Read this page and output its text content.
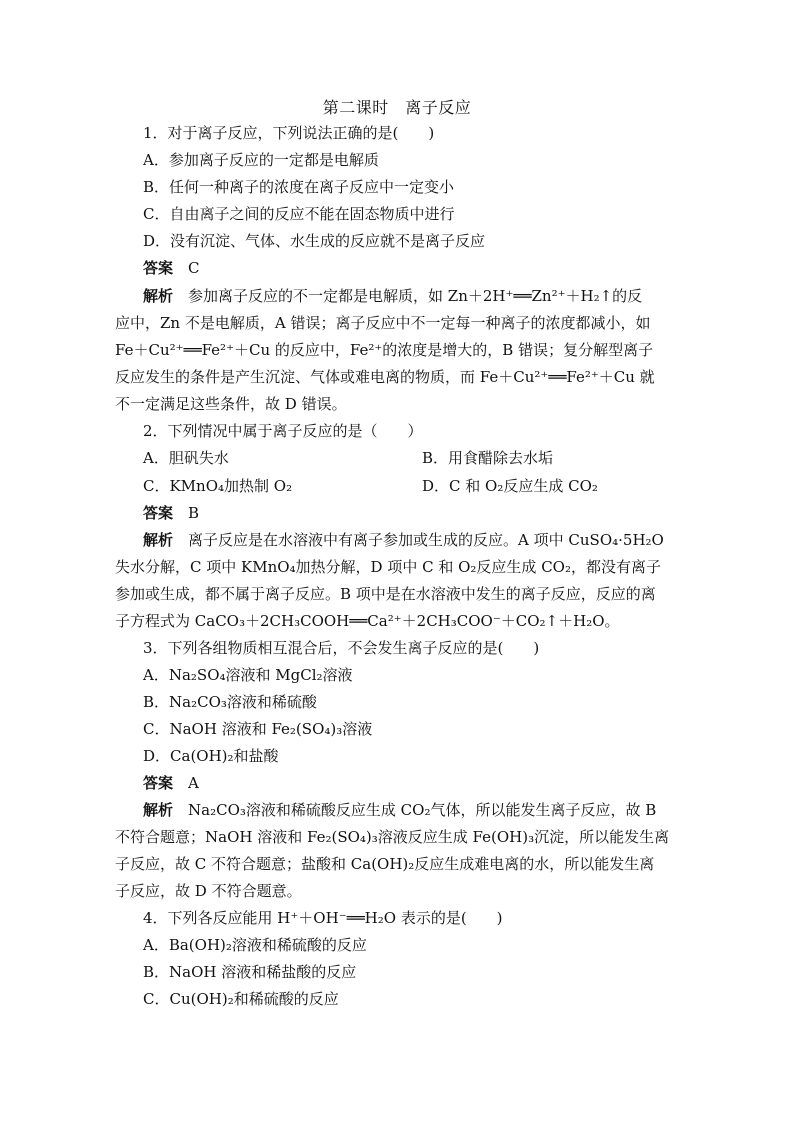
第二课时　离子反应
1．对于离子反应，下列说法正确的是(　　)
A．参加离子反应的一定都是电解质
B．任何一种离子的浓度在离子反应中一定变小
C．自由离子之间的反应不能在固态物质中进行
D．没有沉淀、气体、水生成的反应就不是离子反应
答案　 C
解析　 参加离子反应的不一定都是电解质，如 Zn＋2H⁺══Zn²⁺＋H₂↑的反
应中，Zn 不是电解质，A 错误；离子反应中不一定每一种离子的浓度都减小，如
Fe＋Cu²⁺══Fe²⁺＋Cu 的反应中，Fe²⁺的浓度是增大的，B 错误；复分解型离子
反应发生的条件是产生沉淀、气体或难电离的物质，而 Fe＋Cu²⁺══Fe²⁺＋Cu 就
不一定满足这些条件，故 D 错误。
2．下列情况中属于离子反应的是（　　）
A．胆矾失水	B．用食醋除去水垢
C．KMnO₄加热制 O₂	D．C 和 O₂反应生成 CO₂
答案　 B
解析　 离子反应是在水溶液中有离子参加或生成的反应。A 项中 CuSO₄·5H₂O
失水分解，C 项中 KMnO₄加热分解，D 项中 C 和 O₂反应生成 CO₂，都没有离子
参加或生成，都不属于离子反应。B 项中是在水溶液中发生的离子反应，反应的离
子方程式为 CaCO₃＋2CH₃COOH══Ca²⁺＋2CH₃COO⁻＋CO₂↑＋H₂O。
3．下列各组物质相互混合后，不会发生离子反应的是(　　)
A．Na₂SO₄溶液和 MgCl₂溶液
B．Na₂CO₃溶液和稀硫酸
C．NaOH 溶液和 Fe₂(SO₄)₃溶液
D．Ca(OH)₂和盐酸
答案　 A
解析　 Na₂CO₃溶液和稀硫酸反应生成 CO₂气体，所以能发生离子反应，故 B
不符合题意；NaOH 溶液和 Fe₂(SO₄)₃溶液反应生成 Fe(OH)₃沉淀，所以能发生离
子反应，故 C 不符合题意；盐酸和 Ca(OH)₂反应生成难电离的水，所以能发生离
子反应，故 D 不符合题意。
4．下列各反应能用 H⁺＋OH⁻══H₂O 表示的是(　　)
A．Ba(OH)₂溶液和稀硫酸的反应
B．NaOH 溶液和稀盐酸的反应
C．Cu(OH)₂和稀硫酸的反应
